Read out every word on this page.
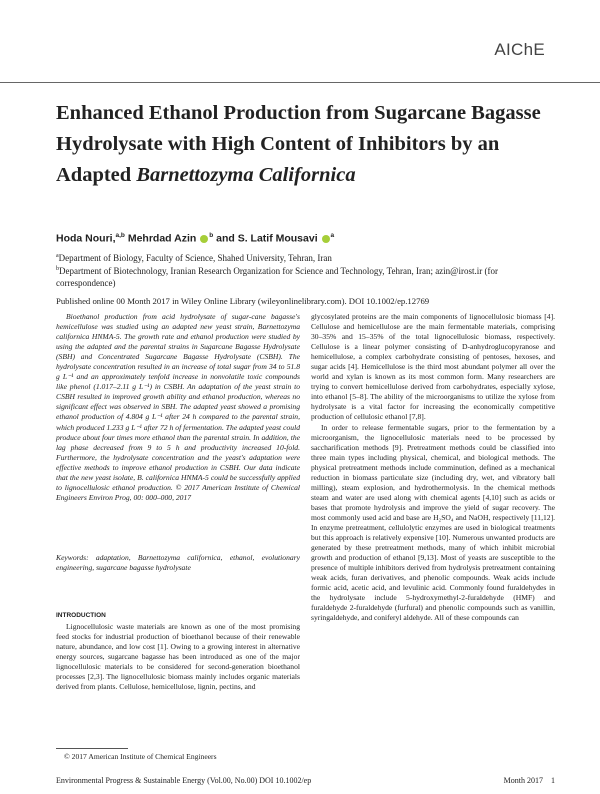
AIChE
Enhanced Ethanol Production from Sugarcane Bagasse Hydrolysate with High Content of Inhibitors by an Adapted Barnettozyma Californica
Hoda Nouri,$^{a,b}$ Mehrdad Azin $^b$ and S. Latif Mousavi $^a$
$^a$Department of Biology, Faculty of Science, Shahed University, Tehran, Iran
$^b$Department of Biotechnology, Iranian Research Organization for Science and Technology, Tehran, Iran; azin@irost.ir (for correspondence)
Published online 00 Month 2017 in Wiley Online Library (wileyonlinelibrary.com). DOI 10.1002/ep.12769

Bioethanol production from acid hydrolysate of sugar-cane bagasse's hemicellulose was studied using an adapted new yeast strain, Barnettozyma californica HNMA-5. The growth rate and ethanol production were studied by using the adapted and the parental strains in Sugarcane Bagasse Hydrolysate (SBH) and Concentrated Sugarcane Bagasse Hydrolysate (CSBH). The hydrolysate concentration resulted in an increase of total sugar from 34 to 51.8 g L⁻¹ and an approximately tenfold increase in nonvolatile toxic compounds like phenol (1.017–2.11 g L⁻¹) in CSBH. An adaptation of the yeast strain to CSBH resulted in improved growth ability and ethanol production, whereas no significant effect was observed in SBH. The adapted yeast showed a promising ethanol production of 4.804 g L⁻¹ after 24 h compared to the parental strain, which produced 1.233 g L⁻¹ after 72 h of fermentation. The adapted yeast could produce about four times more ethanol than the parental strain. In addition, the lag phase decreased from 9 to 5 h and productivity increased 10-fold. Furthermore, the hydrolysate concentration and the yeast's adaptation were effective methods to improve ethanol production in CSBH. Our data indicate that the new yeast isolate, B. californica HNMA-5 could be successfully applied to lignocellulosic ethanol production. © 2017 American Institute of Chemical Engineers Environ Prog, 00: 000–000, 2017

Keywords: adaptation, Barnettozyma californica, ethanol, evolutionary engineering, sugarcane bagasse hydrolysate

INTRODUCTION

Lignocellulosic waste materials are known as one of the most promising feed stocks for industrial production of bioethanol because of their renewable nature, abundance, and low cost [1]. Owing to a growing interest in alternative energy sources, sugarcane bagasse has been introduced as one of the major lignocellulosic materials to be considered for second-generation bioethanol processes [2,3]. The lignocellulosic biomass mainly includes organic materials derived from plants. Cellulose, hemicellulose, lignin, pectins, and

glycosylated proteins are the main components of lignocellulosic biomass [4]. Cellulose and hemicellulose are the main fermentable materials, comprising 30–35% and 15–35% of the total lignocellulosic biomass, respectively. Cellulose is a linear polymer consisting of D-anhydroglucopyranose and hemicellulose, a complex carbohydrate consisting of pentoses, hexoses, and sugar acids [4]. Hemicellulose is the third most abundant polymer all over the world and xylan is known as its most common form. Many researchers are trying to convert hemicellulose derived from carbohydrates, especially xylose, into ethanol [5–8]. The ability of the microorganisms to utilize the xylose from hydrolysate is a vital factor for increasing the economically competitive production of cellulosic ethanol [7,8].

In order to release fermentable sugars, prior to the fermentation by a microorganism, the lignocellulosic materials need to be processed by saccharification methods [9]. Pretreatment methods could be classified into three main types including physical, chemical, and biological methods. The physical pretreatment methods include comminution, defined as a mechanical reduction in biomass particulate size (including dry, wet, and vibratory ball milling), steam explosion, and hydrothermolysis. In the chemical methods steam and water are used along with chemical agents [4,10] such as acids or bases that promote hydrolysis and improve the yield of sugar recovery. The most commonly used acid and base are H₂SO₄ and NaOH, respectively [11,12]. In enzyme pretreatment, cellulolytic enzymes are used in biological treatments but this approach is relatively expensive [10]. Numerous unwanted products are generated by these pretreatment methods, many of which inhibit microbial growth and production of ethanol [9,13]. Most of yeasts are susceptible to the presence of multiple inhibitors derived from hydrolysis pretreatment containing weak acids, furan derivatives, and phenolic compounds. Weak acids include formic acid, acetic acid, and levulinic acid. Commonly found furaldehydes in the hydrolysate include 5-hydroxymethyl-2-furaldehyde (HMF) and furaldehyde 2-furaldehyde (furfural) and phenolic compounds such as vanillin, syringaldehyde, and coniferyl aldehyde. All of these compounds can

© 2017 American Institute of Chemical Engineers
Environmental Progress & Sustainable Energy (Vol.00, No.00) DOI 10.1002/ep	Month 2017 1
